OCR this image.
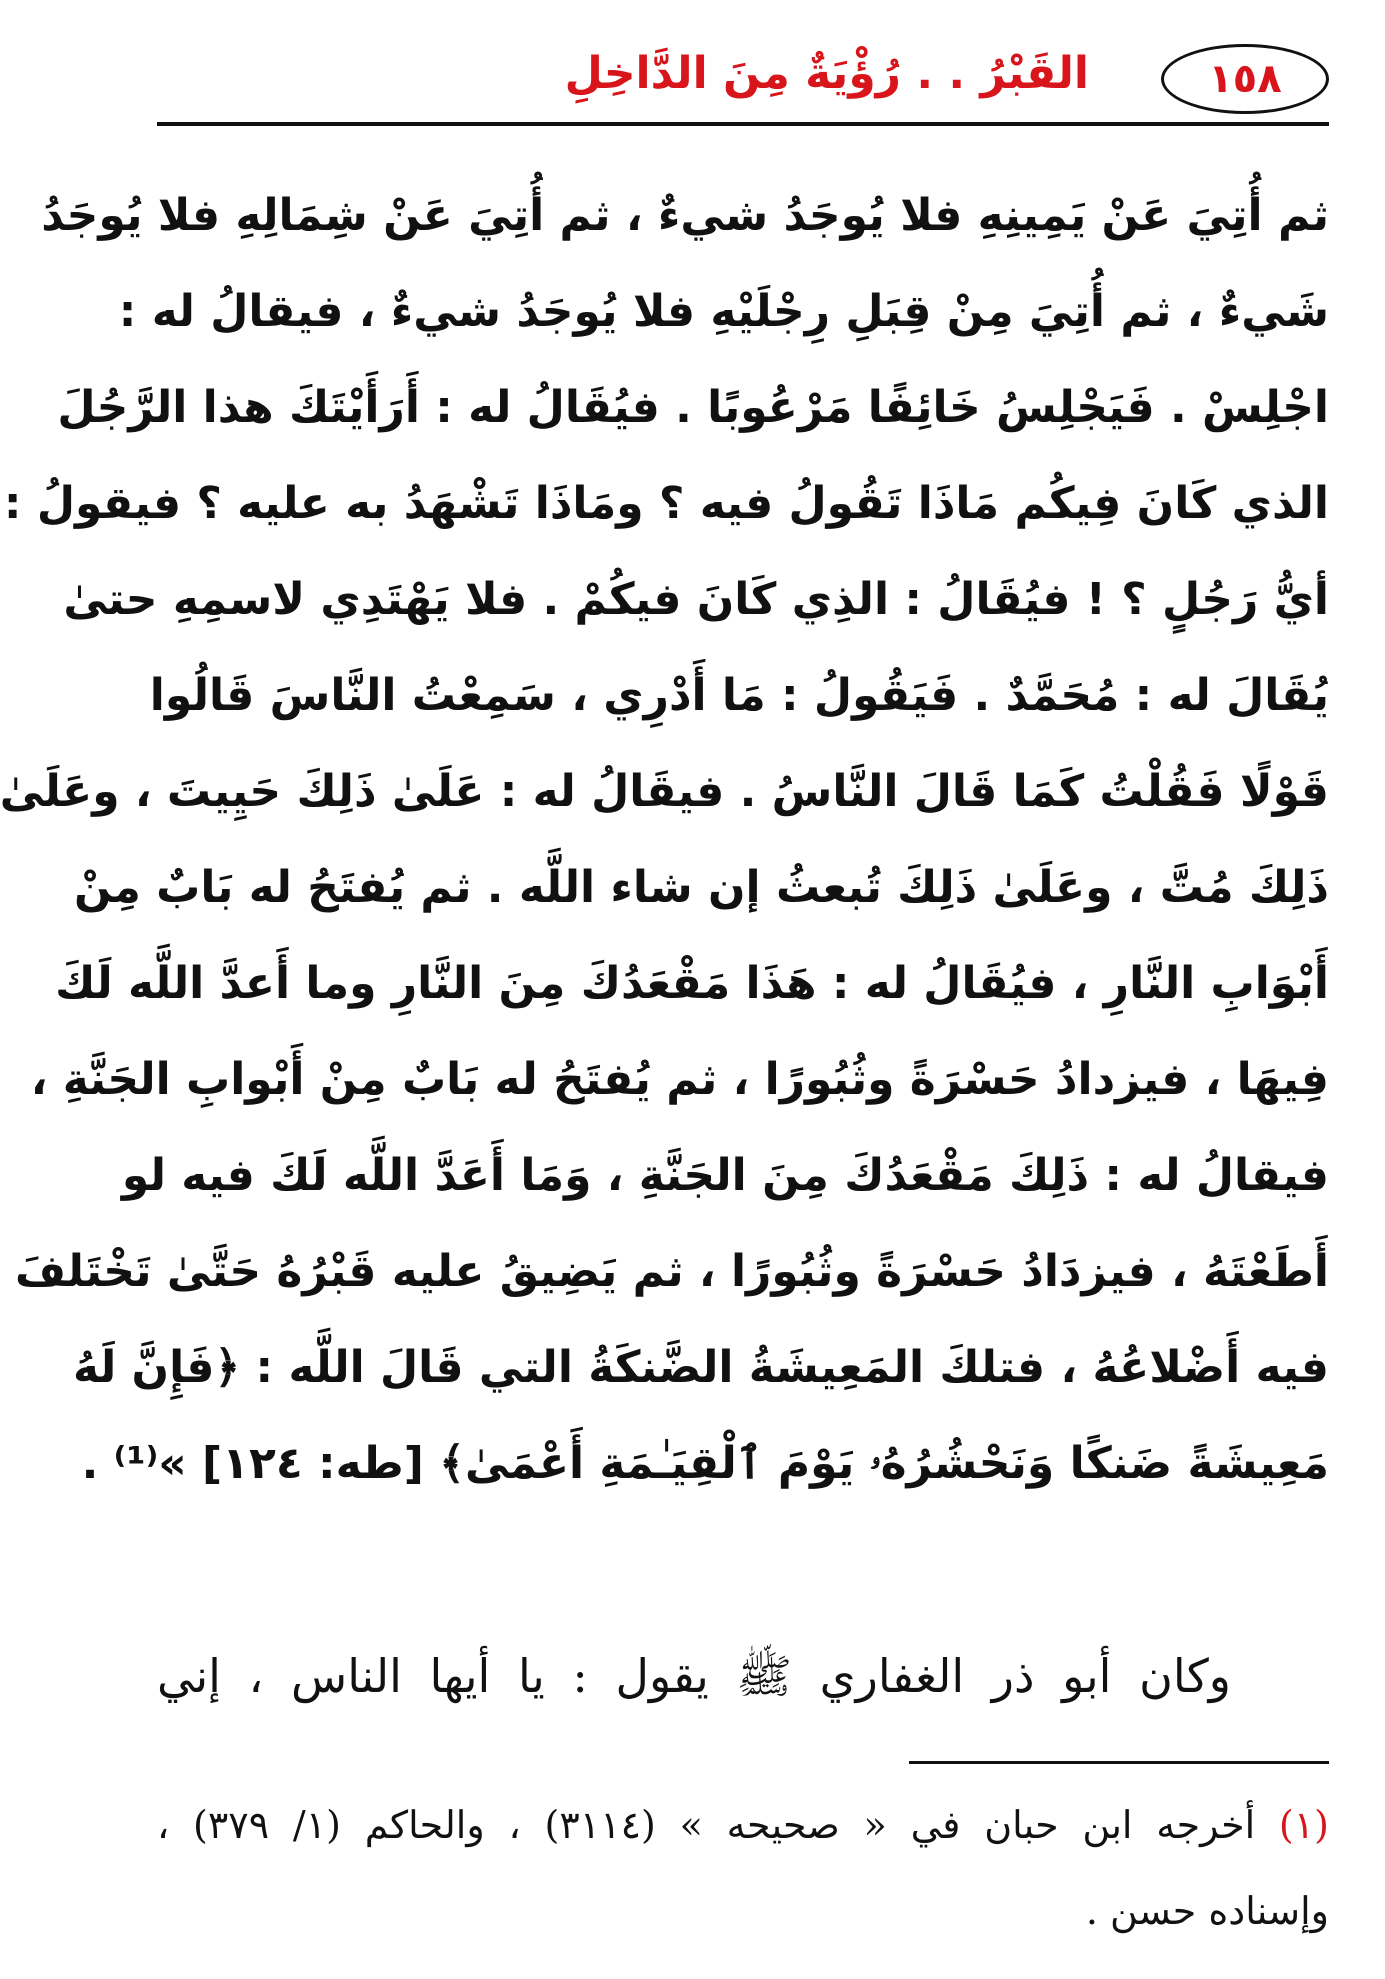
١٥٨
القَبْرُ . . رُؤْيَةٌ مِنَ الدَّاخِلِ
ثم أُتِيَ عَنْ يَمِينِهِ فلا يُوجَدُ شيءٌ ، ثم أُتِيَ عَنْ شِمَالِهِ فلا يُوجَدُ
شَيءٌ ، ثم أُتِيَ مِنْ قِبَلِ رِجْلَيْهِ فلا يُوجَدُ شيءٌ ، فيقالُ له :
اجْلِسْ . فَيَجْلِسُ خَائِفًا مَرْعُوبًا . فيُقَالُ له : أَرَأَيْتَكَ هذا الرَّجُلَ
الذي كَانَ فِيكُم مَاذَا تَقُولُ فيه ؟ ومَاذَا تَشْهَدُ به عليه ؟ فيقولُ :
أيُّ رَجُلٍ ؟ ! فيُقَالُ : الذِي كَانَ فيكُمْ . فلا يَهْتَدِي لاسمِهِ حتىٰ
يُقَالَ له : مُحَمَّدٌ . فَيَقُولُ : مَا أَدْرِي ، سَمِعْتُ النَّاسَ قَالُوا
قَوْلًا فَقُلْتُ كَمَا قَالَ النَّاسُ . فيقَالُ له : عَلَىٰ ذَلِكَ حَيِيتَ ، وعَلَىٰ
ذَلِكَ مُتَّ ، وعَلَىٰ ذَلِكَ تُبعثُ إن شاء اللَّه . ثم يُفتَحُ له بَابٌ مِنْ
أَبْوَابِ النَّارِ ، فيُقَالُ له : هَذَا مَقْعَدُكَ مِنَ النَّارِ وما أَعدَّ اللَّه لَكَ
فِيهَا ، فيزدادُ حَسْرَةً وثُبُورًا ، ثم يُفتَحُ له بَابٌ مِنْ أَبْوابِ الجَنَّةِ ،
فيقالُ له : ذَلِكَ مَقْعَدُكَ مِنَ الجَنَّةِ ، وَمَا أَعَدَّ اللَّه لَكَ فيه لو
أَطَعْتَهُ ، فيزدَادُ حَسْرَةً وثُبُورًا ، ثم يَضِيقُ عليه قَبْرُهُ حَتَّىٰ تَخْتَلفَ
فيه أَضْلاعُهُ ، فتلكَ المَعِيشَةُ الضَّنكَةُ التي قَالَ اللَّه : ﴿فَإِنَّ لَهُ
مَعِيشَةً ضَنكًا وَنَحْشُرُهُۥ يَوْمَ ٱلْقِيَـٰمَةِ أَعْمَىٰ﴾ [طه: ١٢٤] »⁽¹⁾ .
وكان أبو ذر الغفاري ﷺ يقول : يا أيها الناس ، إني
(١) أخرجه ابن حبان في « صحيحه » (٣١١٤) ، والحاكم (١/ ٣٧٩) ،
وإسناده حسن .
